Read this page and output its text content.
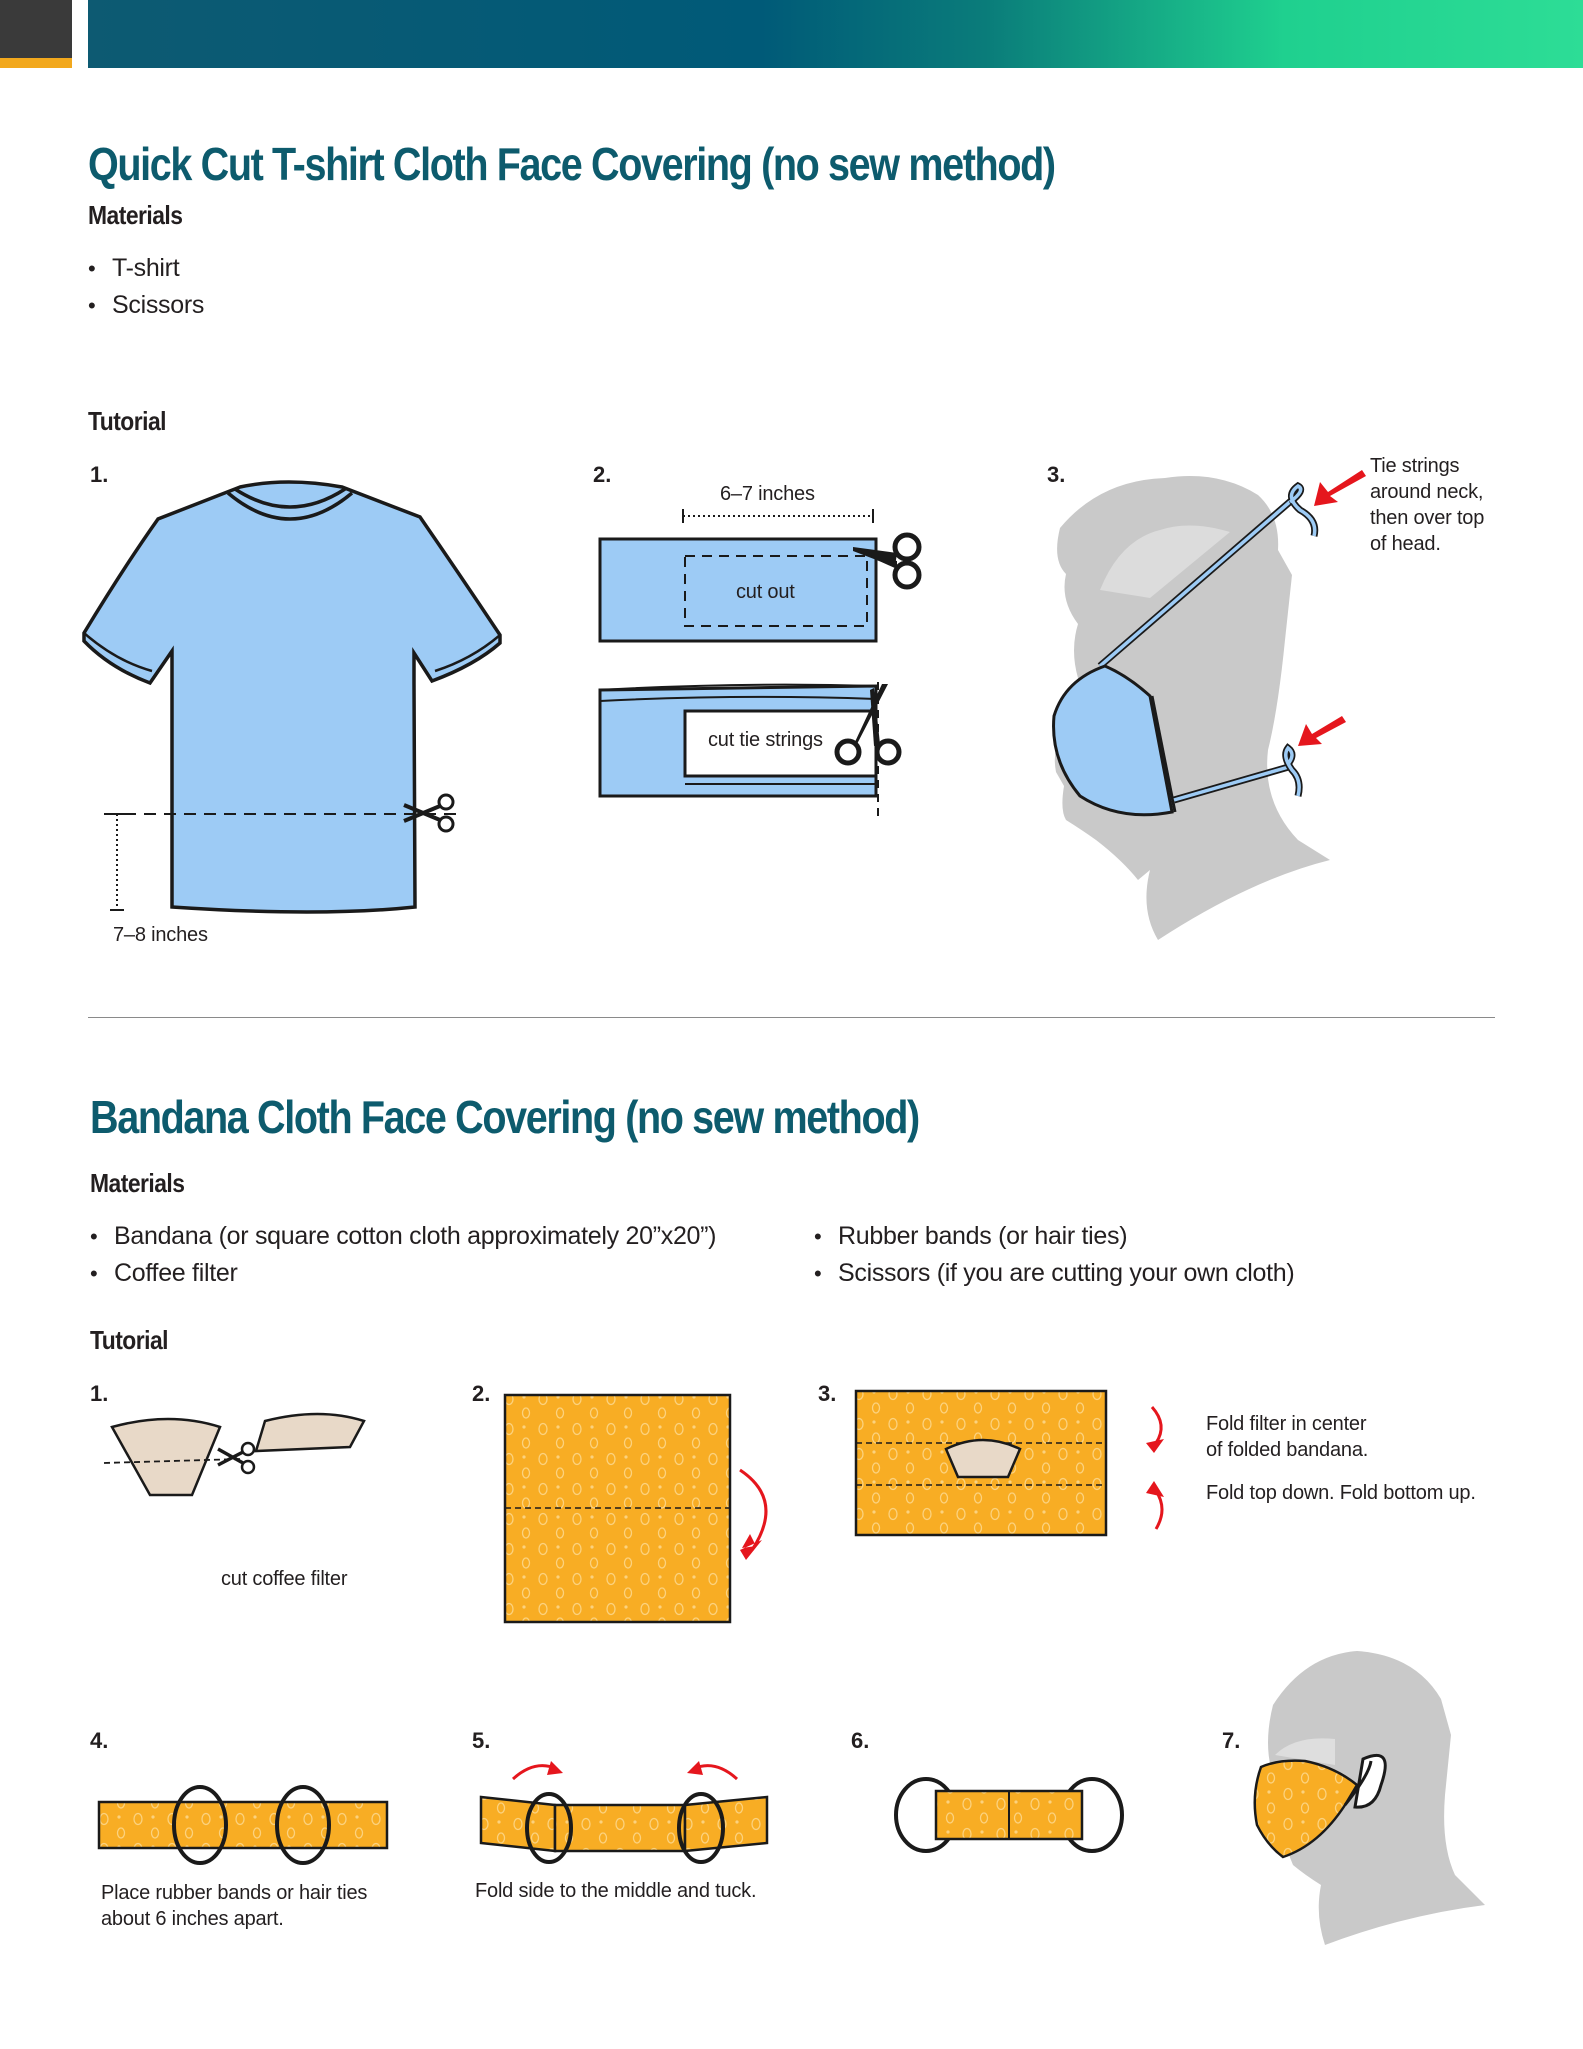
Quick Cut T-shirt Cloth Face Covering (no sew method)
Materials
• T-shirt
• Scissors
Tutorial
1.	2.	3.
7–8 inches
6–7 inches
cut out
cut tie strings
Tie strings
around neck,
then over top
of head.
Bandana Cloth Face Covering (no sew method)
Materials
• Bandana (or square cotton cloth approximately 20”x20”)
• Coffee filter
• Rubber bands (or hair ties)
• Scissors (if you are cutting your own cloth)
Tutorial
1.	2.	3.
4.	5.	6.	7.
cut coffee filter
Fold filter in center
of folded bandana.
Fold top down. Fold bottom up.
Place rubber bands or hair ties
about 6 inches apart.
Fold side to the middle and tuck.
